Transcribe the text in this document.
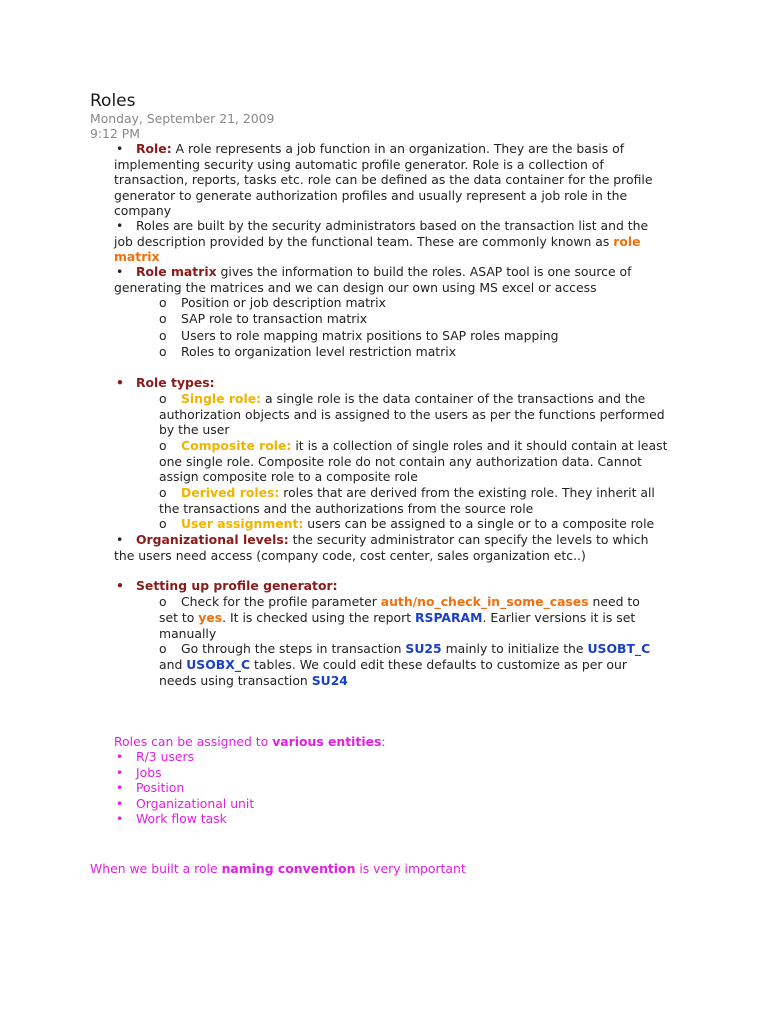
Roles
Monday, September 21, 2009
9:12 PM
• Role: A role represents a job function in an organization. They are the basis of
implementing security using automatic profile generator. Role is a collection of
transaction, reports, tasks etc. role can be defined as the data container for the profile
generator to generate authorization profiles and usually represent a job role in the
company
• Roles are built by the security administrators based on the transaction list and the
job description provided by the functional team. These are commonly known as role
matrix
• Role matrix gives the information to build the roles. ASAP tool is one source of
generating the matrices and we can design our own using MS excel or access
o Position or job description matrix
o SAP role to transaction matrix
o Users to role mapping matrix positions to SAP roles mapping
o Roles to organization level restriction matrix
• Role types:
o Single role: a single role is the data container of the transactions and the
authorization objects and is assigned to the users as per the functions performed
by the user
o Composite role: it is a collection of single roles and it should contain at least
one single role. Composite role do not contain any authorization data. Cannot
assign composite role to a composite role
o Derived roles: roles that are derived from the existing role. They inherit all
the transactions and the authorizations from the source role
o User assignment: users can be assigned to a single or to a composite role
• Organizational levels: the security administrator can specify the levels to which
the users need access (company code, cost center, sales organization etc..)
• Setting up profile generator:
o Check for the profile parameter auth/no_check_in_some_cases need to
set to yes. It is checked using the report RSPARAM. Earlier versions it is set
manually
o Go through the steps in transaction SU25 mainly to initialize the USOBT_C
and USOBX_C tables. We could edit these defaults to customize as per our
needs using transaction SU24
Roles can be assigned to various entities:
• R/3 users
• Jobs
• Position
• Organizational unit
• Work flow task
When we built a role naming convention is very important
